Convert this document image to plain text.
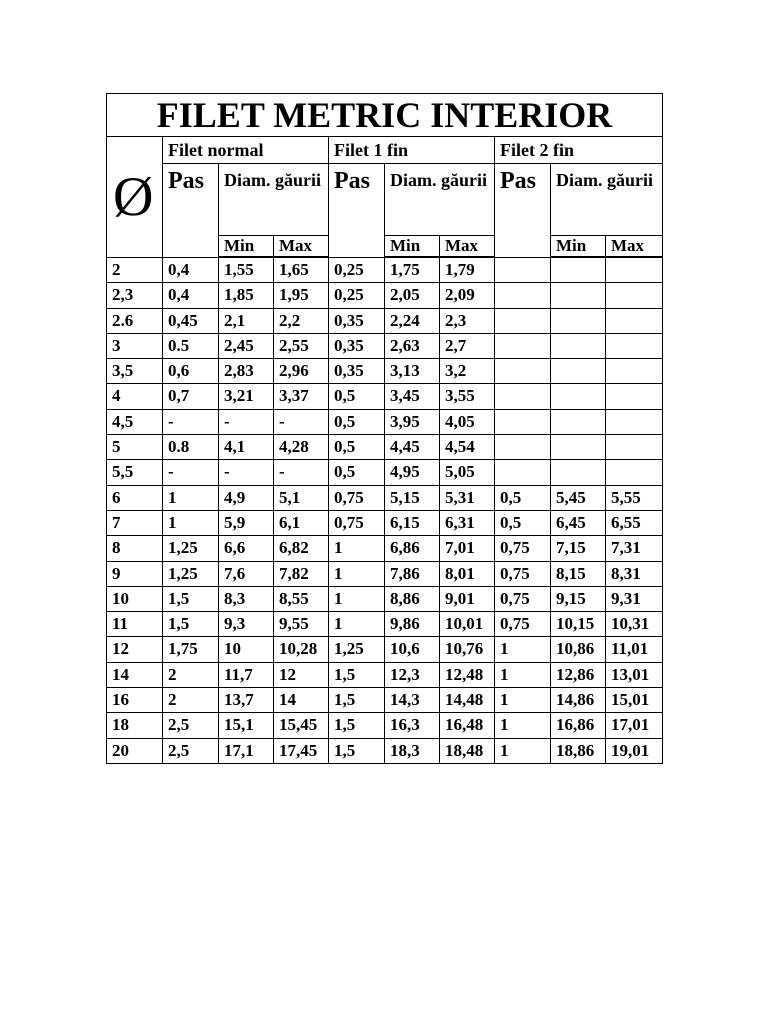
FILET METRIC INTERIOR									
Ø	Filet normal			Filet 1 fin			Filet 2 fin		
	Pas	Diam. găurii		Pas	Diam. găurii		Pas	Diam. găurii	
		Min	Max		Min	Max		Min	Max

2	0,4	1,55	1,65	0,25	1,75	1,79			
2,3	0,4	1,85	1,95	0,25	2,05	2,09			
2.6	0,45	2,1	2,2	0,35	2,24	2,3			
3	0.5	2,45	2,55	0,35	2,63	2,7			
3,5	0,6	2,83	2,96	0,35	3,13	3,2			
4	0,7	3,21	3,37	0,5	3,45	3,55			
4,5	-	-	-	0,5	3,95	4,05			
5	0.8	4,1	4,28	0,5	4,45	4,54			
5,5	-	-	-	0,5	4,95	5,05			
6	1	4,9	5,1	0,75	5,15	5,31	0,5	5,45	5,55
7	1	5,9	6,1	0,75	6,15	6,31	0,5	6,45	6,55
8	1,25	6,6	6,82	1	6,86	7,01	0,75	7,15	7,31
9	1,25	7,6	7,82	1	7,86	8,01	0,75	8,15	8,31
10	1,5	8,3	8,55	1	8,86	9,01	0,75	9,15	9,31
11	1,5	9,3	9,55	1	9,86	10,01	0,75	10,15	10,31
12	1,75	10	10,28	1,25	10,6	10,76	1	10,86	11,01
14	2	11,7	12	1,5	12,3	12,48	1	12,86	13,01
16	2	13,7	14	1,5	14,3	14,48	1	14,86	15,01
18	2,5	15,1	15,45	1,5	16,3	16,48	1	16,86	17,01
20	2,5	17,1	17,45	1,5	18,3	18,48	1	18,86	19,01
